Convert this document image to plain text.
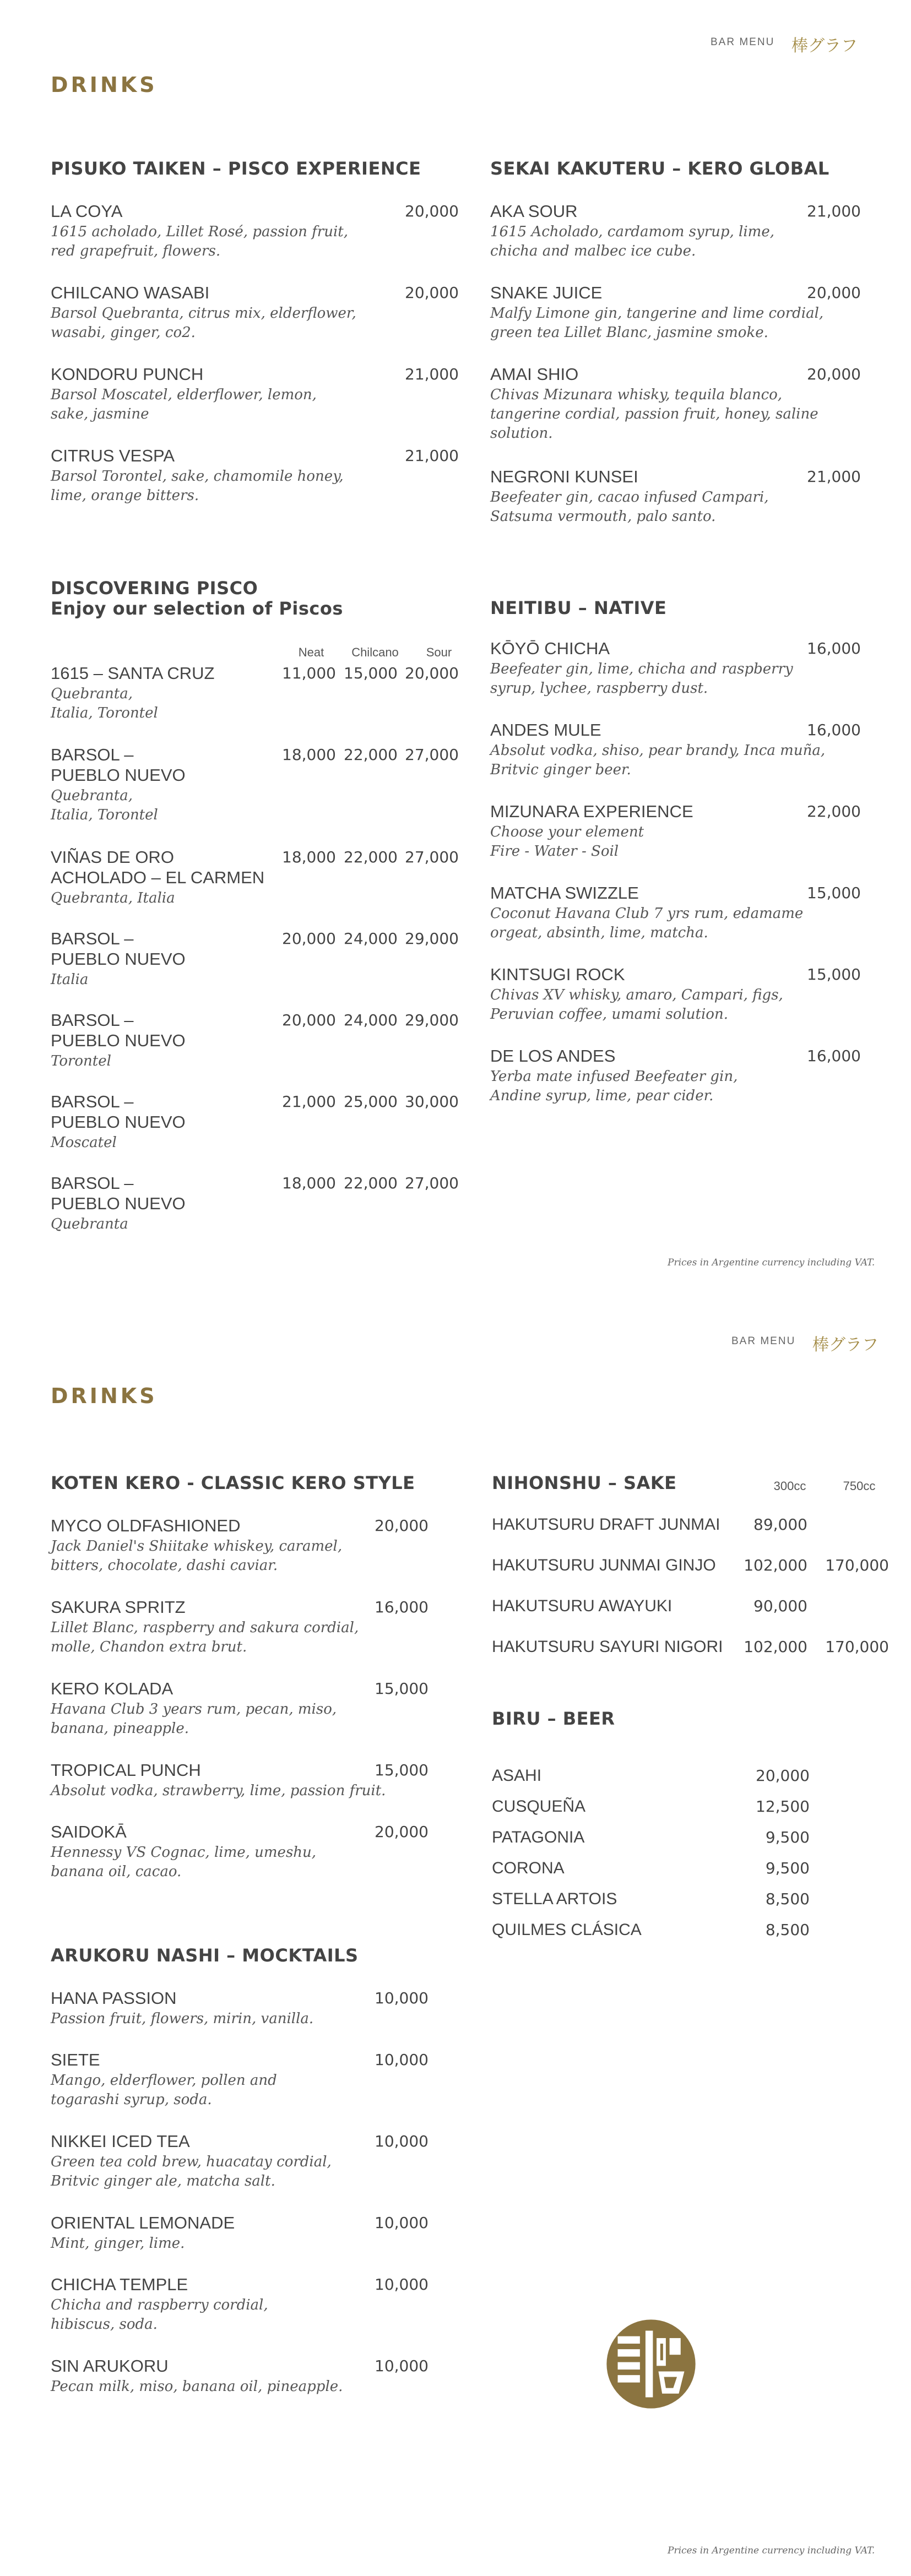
BAR MENU 棒グラフ
DRINKS
PISUKO TAIKEN – PISCO EXPERIENCE
LA COYA
1615 acholado, Lillet Rosé, passion fruit,
red grapefruit, flowers.
20,000
CHILCANO WASABI
Barsol Quebranta, citrus mix, elderflower,
wasabi, ginger, co2.
20,000
KONDORU PUNCH
Barsol Moscatel, elderflower, lemon,
sake, jasmine
21,000
CITRUS VESPA
Barsol Torontel, sake, chamomile honey,
lime, orange bitters.
21,000
SEKAI KAKUTERU – KERO GLOBAL
AKA SOUR
1615 Acholado, cardamom syrup, lime,
chicha and malbec ice cube.
21,000
SNAKE JUICE
Malfy Limone gin, tangerine and lime cordial,
green tea Lillet Blanc, jasmine smoke.
20,000
AMAI SHIO
Chivas Mizunara whisky, tequila blanco,
tangerine cordial, passion fruit, honey, saline
solution.
20,000
NEGRONI KUNSEI
Beefeater gin, cacao infused Campari,
Satsuma vermouth, palo santo.
21,000
DISCOVERING PISCO
Enjoy our selection of Piscos
Neat	Chilcano	Sour
1615 – SANTA CRUZ
Quebranta,
Italia, Torontel
11,000 15,000 20,000
BARSOL –
PUEBLO NUEVO
Quebranta,
Italia, Torontel
18,000 22,000 27,000
VIÑAS DE ORO
ACHOLADO – EL CARMEN
Quebranta, Italia
18,000 22,000 27,000
BARSOL –
PUEBLO NUEVO
Italia
20,000 24,000 29,000
BARSOL –
PUEBLO NUEVO
Torontel
20,000 24,000 29,000
BARSOL –
PUEBLO NUEVO
Moscatel
21,000 25,000 30,000
BARSOL –
PUEBLO NUEVO
Quebranta
18,000 22,000 27,000
NEITIBU – NATIVE
KŌYŌ CHICHA
Beefeater gin, lime, chicha and raspberry
syrup, lychee, raspberry dust.
16,000
ANDES MULE
Absolut vodka, shiso, pear brandy, Inca muña,
Britvic ginger beer.
16,000
MIZUNARA EXPERIENCE
Choose your element
Fire - Water - Soil
22,000
MATCHA SWIZZLE
Coconut Havana Club 7 yrs rum, edamame
orgeat, absinth, lime, matcha.
15,000
KINTSUGI ROCK
Chivas XV whisky, amaro, Campari, figs,
Peruvian coffee, umami solution.
15,000
DE LOS ANDES
Yerba mate infused Beefeater gin,
Andine syrup, lime, pear cider.
16,000
Prices in Argentine currency including VAT.
BAR MENU 棒グラフ
DRINKS
KOTEN KERO - CLASSIC KERO STYLE
MYCO OLDFASHIONED
Jack Daniel's Shiitake whiskey, caramel,
bitters, chocolate, dashi caviar.
20,000
SAKURA SPRITZ
Lillet Blanc, raspberry and sakura cordial,
molle, Chandon extra brut.
16,000
KERO KOLADA
Havana Club 3 years rum, pecan, miso,
banana, pineapple.
15,000
TROPICAL PUNCH
Absolut vodka, strawberry, lime, passion fruit.
15,000
SAIDOKĀ
Hennessy VS Cognac, lime, umeshu,
banana oil, cacao.
20,000
ARUKORU NASHI – MOCKTAILS
HANA PASSION
Passion fruit, flowers, mirin, vanilla.
10,000
SIETE
Mango, elderflower, pollen and
togarashi syrup, soda.
10,000
NIKKEI ICED TEA
Green tea cold brew, huacatay cordial,
Britvic ginger ale, matcha salt.
10,000
ORIENTAL LEMONADE
Mint, ginger, lime.
10,000
CHICHA TEMPLE
Chicha and raspberry cordial,
hibiscus, soda.
10,000
SIN ARUKORU
Pecan milk, miso, banana oil, pineapple.
10,000
NIHONSHU – SAKE	300cc	750cc
HAKUTSURU DRAFT JUNMAI	89,000
HAKUTSURU JUNMAI GINJO	102,000	170,000
HAKUTSURU AWAYUKI	90,000
HAKUTSURU SAYURI NIGORI	102,000	170,000
BIRU – BEER
ASAHI	20,000
CUSQUEÑA	12,500
PATAGONIA	9,500
CORONA	9,500
STELLA ARTOIS	8,500
QUILMES CLÁSICA	8,500
Prices in Argentine currency including VAT.
